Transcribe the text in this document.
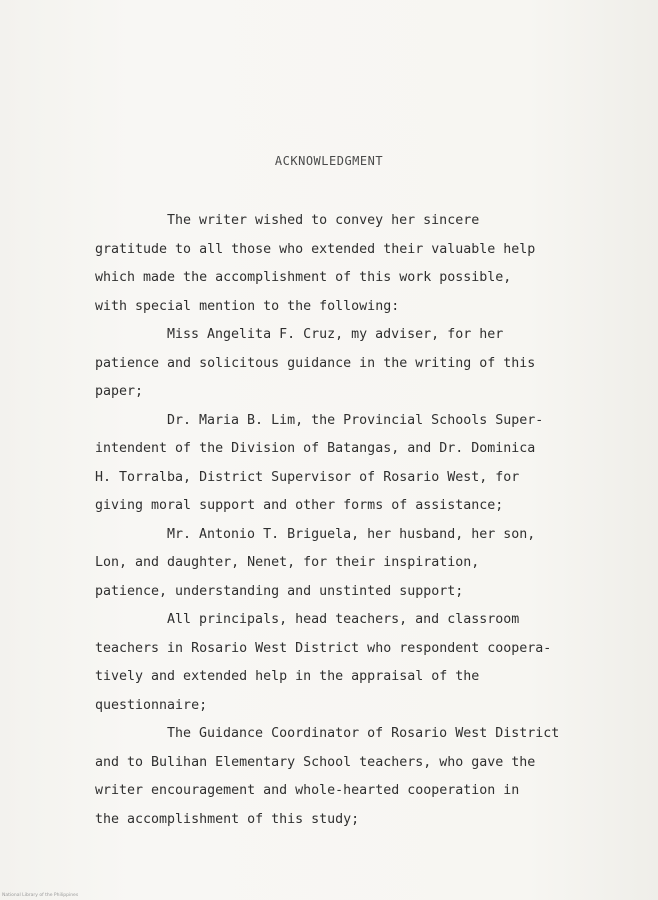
ACKNOWLEDGMENT
The writer wished to convey her sincere
gratitude to all those who extended their valuable help
which made the accomplishment of this work possible,
with special mention to the following:
Miss Angelita F. Cruz, my adviser, for her
patience and solicitous guidance in the writing of this
paper;
Dr. Maria B. Lim, the Provincial Schools Super-
intendent of the Division of Batangas, and Dr. Dominica
H. Torralba, District Supervisor of Rosario West, for
giving moral support and other forms of assistance;
Mr. Antonio T. Briguela, her husband, her son,
Lon, and daughter, Nenet, for their inspiration,
patience, understanding and unstinted support;
All principals, head teachers, and classroom
teachers in Rosario West District who respondent coopera-
tively and extended help in the appraisal of the
questionnaire;
The Guidance Coordinator of Rosario West District
and to Bulihan Elementary School teachers, who gave the
writer encouragement and whole-hearted cooperation in
the accomplishment of this study;
National Library of the Philippines
